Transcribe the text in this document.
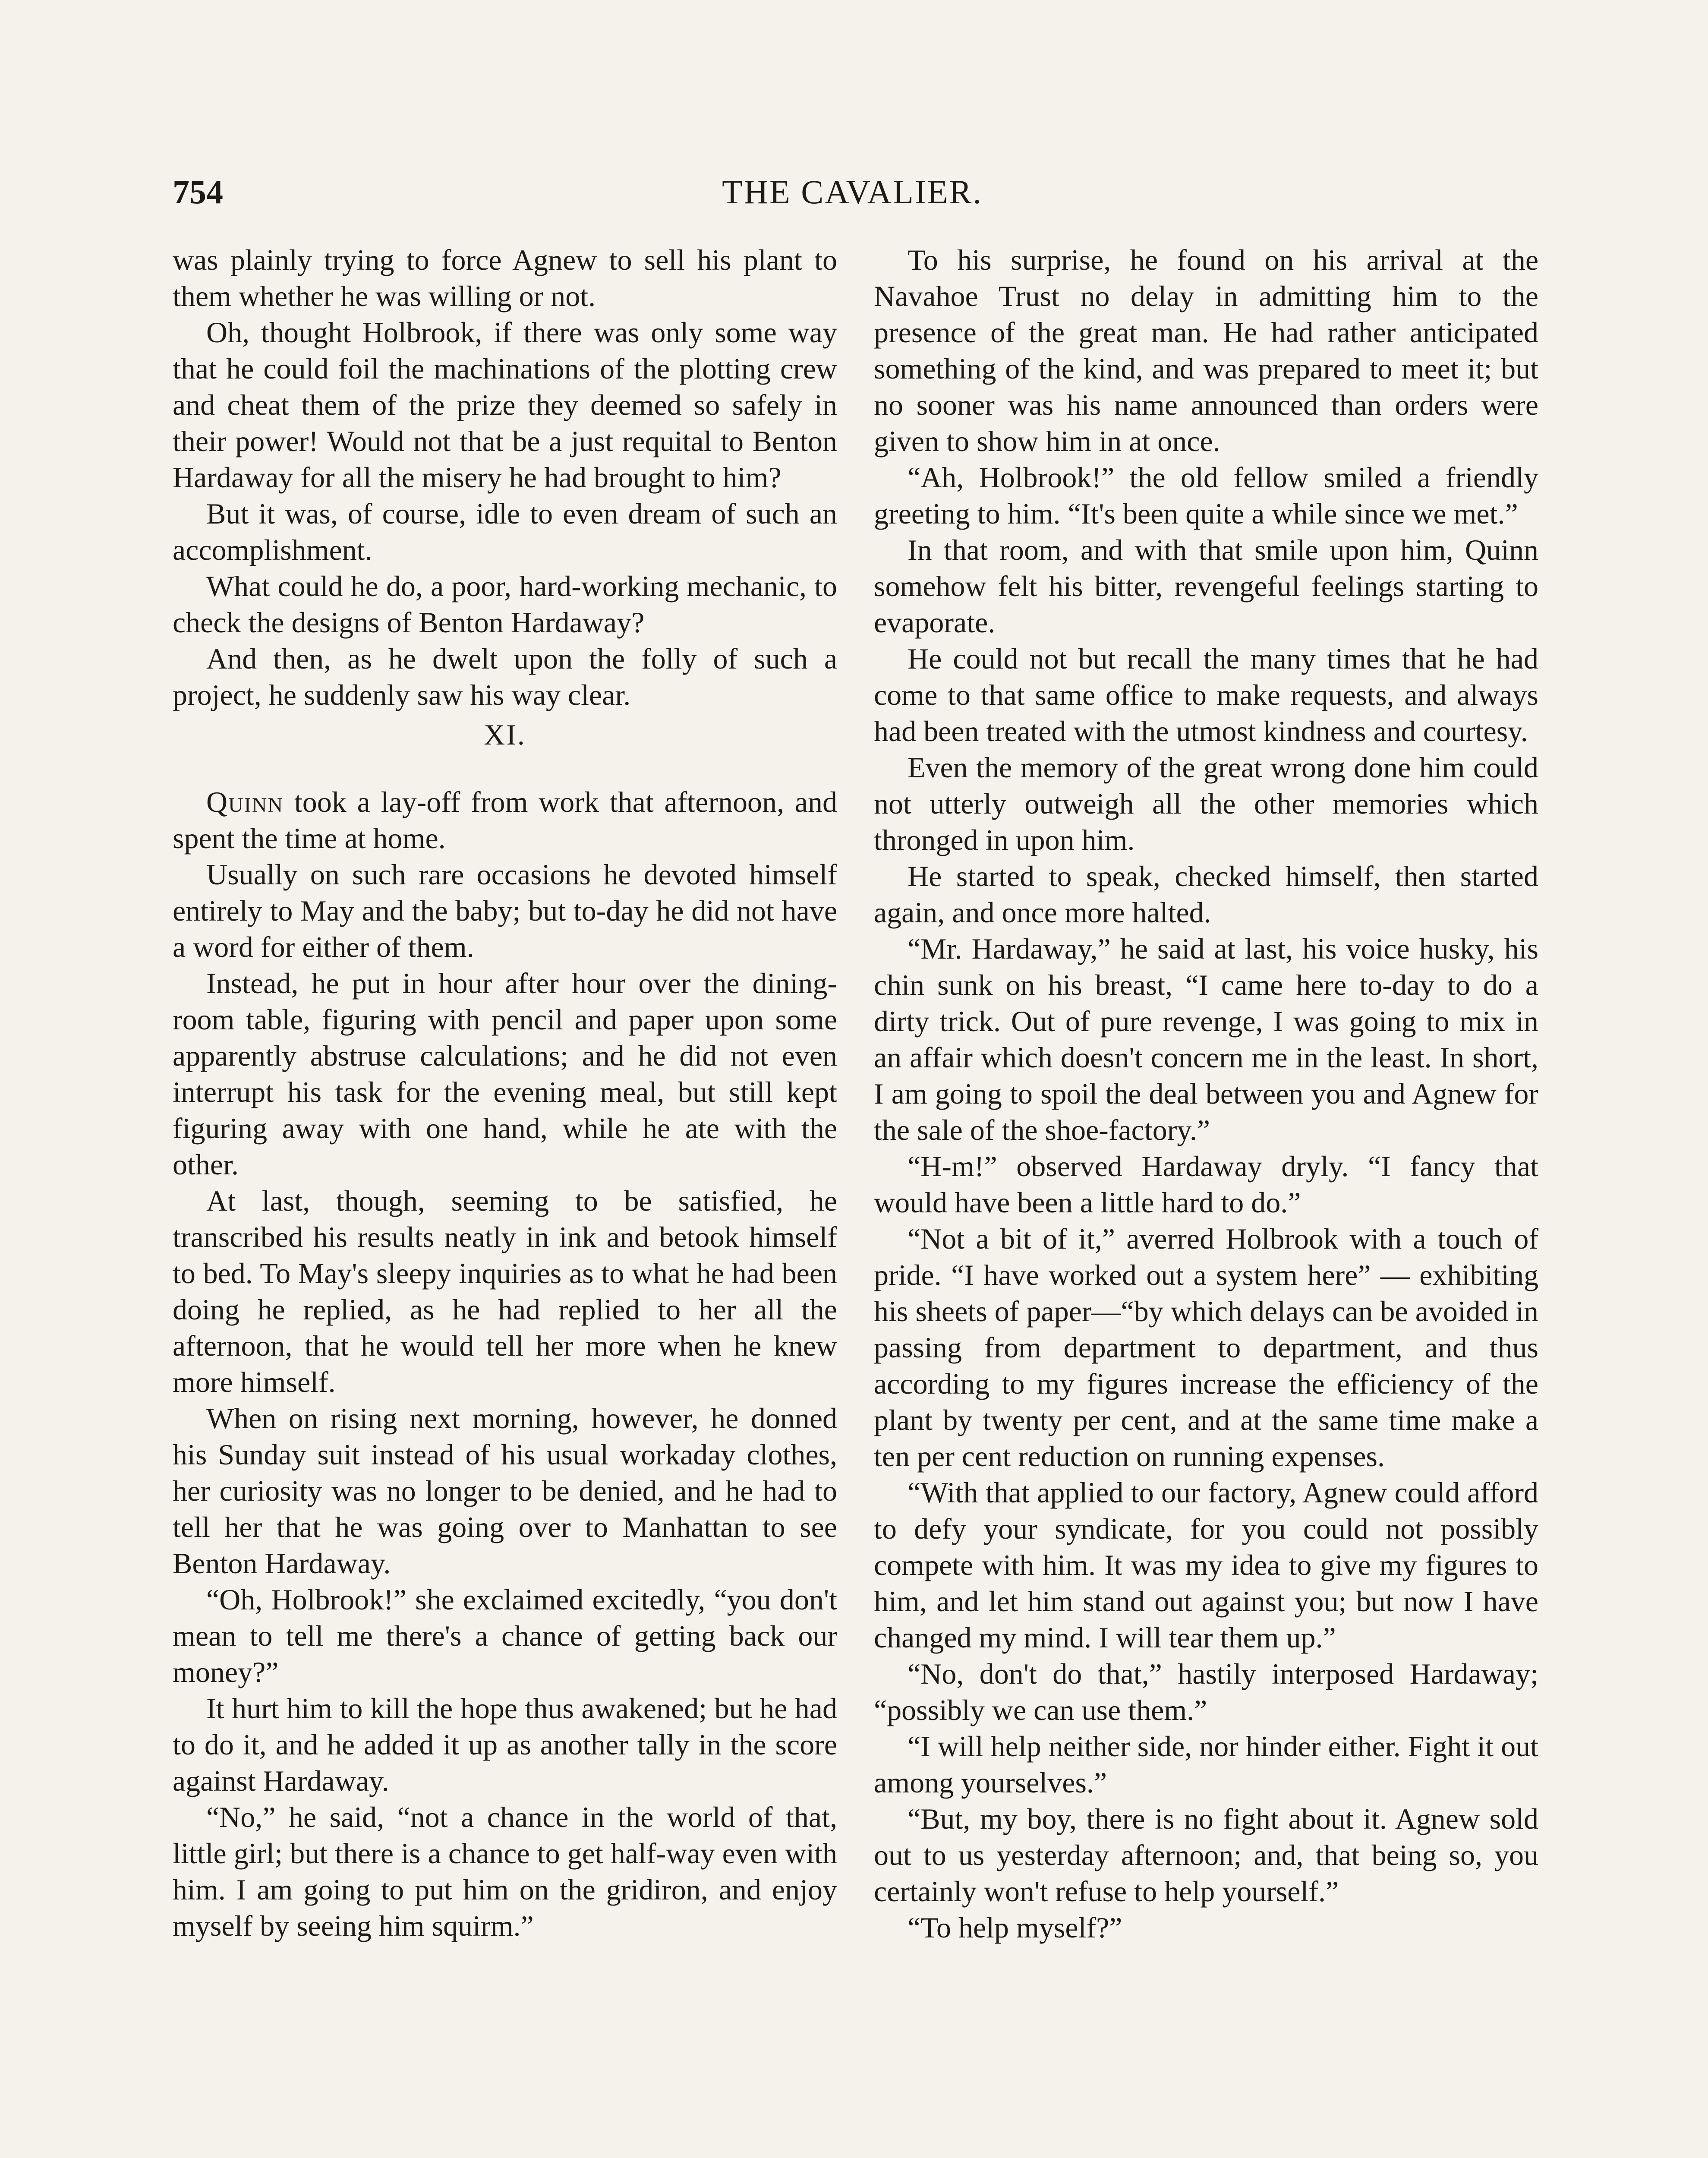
754	THE CAVALIER.

was plainly trying to force Agnew to sell his plant to them whether he was willing or not.

Oh, thought Holbrook, if there was only some way that he could foil the machinations of the plotting crew and cheat them of the prize they deemed so safely in their power! Would not that be a just requital to Benton Hardaway for all the misery he had brought to him?

But it was, of course, idle to even dream of such an accomplishment.

What could he do, a poor, hard-working mechanic, to check the designs of Benton Hardaway?

And then, as he dwelt upon the folly of such a project, he suddenly saw his way clear.

XI.

Quinn took a lay-off from work that afternoon, and spent the time at home.

Usually on such rare occasions he devoted himself entirely to May and the baby; but to-day he did not have a word for either of them.

Instead, he put in hour after hour over the dining-room table, figuring with pencil and paper upon some apparently abstruse calculations; and he did not even interrupt his task for the evening meal, but still kept figuring away with one hand, while he ate with the other.

At last, though, seeming to be satisfied, he transcribed his results neatly in ink and betook himself to bed. To May's sleepy inquiries as to what he had been doing he replied, as he had replied to her all the afternoon, that he would tell her more when he knew more himself.

When on rising next morning, however, he donned his Sunday suit instead of his usual workaday clothes, her curiosity was no longer to be denied, and he had to tell her that he was going over to Manhattan to see Benton Hardaway.

“Oh, Holbrook!” she exclaimed excitedly, “you don't mean to tell me there's a chance of getting back our money?”

It hurt him to kill the hope thus awakened; but he had to do it, and he added it up as another tally in the score against Hardaway.

“No,” he said, “not a chance in the world of that, little girl; but there is a chance to get half-way even with him. I am going to put him on the gridiron, and enjoy myself by seeing him squirm.”

To his surprise, he found on his arrival at the Navahoe Trust no delay in admitting him to the presence of the great man. He had rather anticipated something of the kind, and was prepared to meet it; but no sooner was his name announced than orders were given to show him in at once.

“Ah, Holbrook!” the old fellow smiled a friendly greeting to him. “It's been quite a while since we met.”

In that room, and with that smile upon him, Quinn somehow felt his bitter, revengeful feelings starting to evaporate.

He could not but recall the many times that he had come to that same office to make requests, and always had been treated with the utmost kindness and courtesy.

Even the memory of the great wrong done him could not utterly outweigh all the other memories which thronged in upon him.

He started to speak, checked himself, then started again, and once more halted.

“Mr. Hardaway,” he said at last, his voice husky, his chin sunk on his breast, “I came here to-day to do a dirty trick. Out of pure revenge, I was going to mix in an affair which doesn't concern me in the least. In short, I am going to spoil the deal between you and Agnew for the sale of the shoe-factory.”

“H-m!” observed Hardaway dryly. “I fancy that would have been a little hard to do.”

“Not a bit of it,” averred Holbrook with a touch of pride. “I have worked out a system here” — exhibiting his sheets of paper—“by which delays can be avoided in passing from department to department, and thus according to my figures increase the efficiency of the plant by twenty per cent, and at the same time make a ten per cent reduction on running expenses.

“With that applied to our factory, Agnew could afford to defy your syndicate, for you could not possibly compete with him. It was my idea to give my figures to him, and let him stand out against you; but now I have changed my mind. I will tear them up.”

“No, don't do that,” hastily interposed Hardaway; “possibly we can use them.”

“I will help neither side, nor hinder either. Fight it out among yourselves.”

“But, my boy, there is no fight about it. Agnew sold out to us yesterday afternoon; and, that being so, you certainly won't refuse to help yourself.”

“To help myself?”
